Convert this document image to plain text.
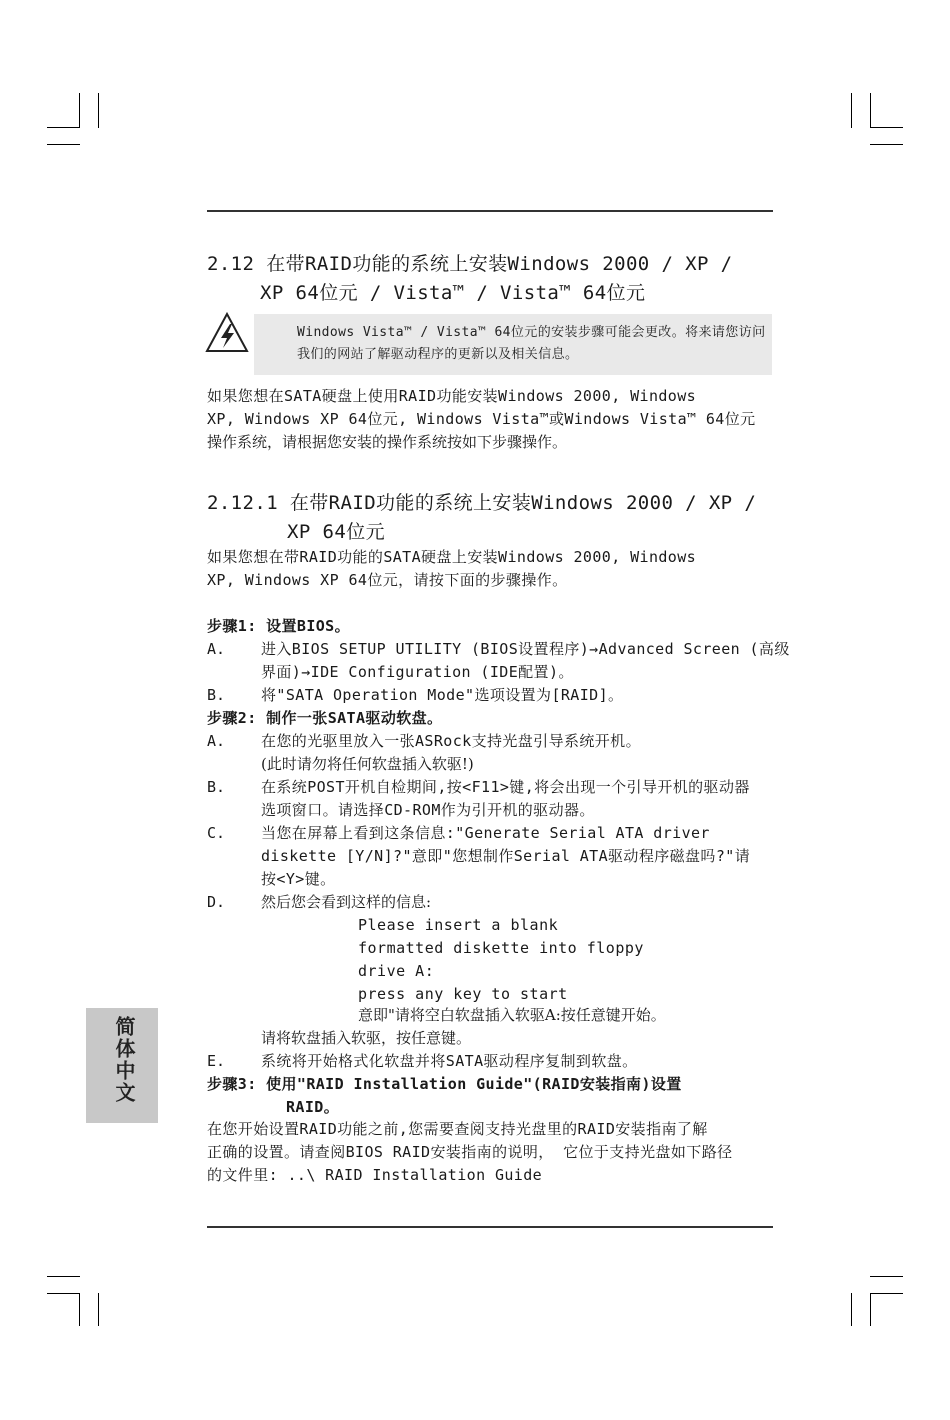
2.12 在带RAID功能的系统上安装Windows 2000 / XP /
XP 64位元 / Vista™ / Vista™ 64位元
Windows Vista™ / Vista™ 64位元的安装步骤可能会更改。将来请您访问
我们的网站了解驱动程序的更新以及相关信息。
如果您想在SATA硬盘上使用RAID功能安装Windows 2000, Windows
XP, Windows XP 64位元, Windows Vista™或Windows Vista™ 64位元
操作系统，请根据您安装的操作系统按如下步骤操作。
2.12.1 在带RAID功能的系统上安装Windows 2000 / XP /
XP 64位元
如果您想在带RAID功能的SATA硬盘上安装Windows 2000, Windows
XP, Windows XP 64位元，请按下面的步骤操作。
步骤1: 设置BIOS。
A. 进入BIOS SETUP UTILITY (BIOS设置程序)→Advanced Screen (高级
界面)→IDE Configuration (IDE配置)。
B. 将"SATA Operation Mode"选项设置为[RAID]。
步骤2: 制作一张SATA驱动软盘。
A. 在您的光驱里放入一张ASRock支持光盘引导系统开机。
(此时请勿将任何软盘插入软驱!)
B. 在系统POST开机自检期间,按<F11>键,将会出现一个引导开机的驱动器
选项窗口。请选择CD-ROM作为引开机的驱动器。
C. 当您在屏幕上看到这条信息:"Generate Serial ATA driver
diskette [Y/N]?"意即"您想制作Serial ATA驱动程序磁盘吗?"请
按<Y>键。
D. 然后您会看到这样的信息:
Please insert a blank
formatted diskette into floppy
drive A:
press any key to start
意即"请将空白软盘插入软驱A:按任意键开始。
请将软盘插入软驱，按任意键。
E. 系统将开始格式化软盘并将SATA驱动程序复制到软盘。
步骤3: 使用"RAID Installation Guide"(RAID安装指南)设置
RAID。
在您开始设置RAID功能之前,您需要查阅支持光盘里的RAID安装指南了解
正确的设置。请查阅BIOS RAID安装指南的说明， 它位于支持光盘如下路径
的文件里: ..\ RAID Installation Guide
简体中文
